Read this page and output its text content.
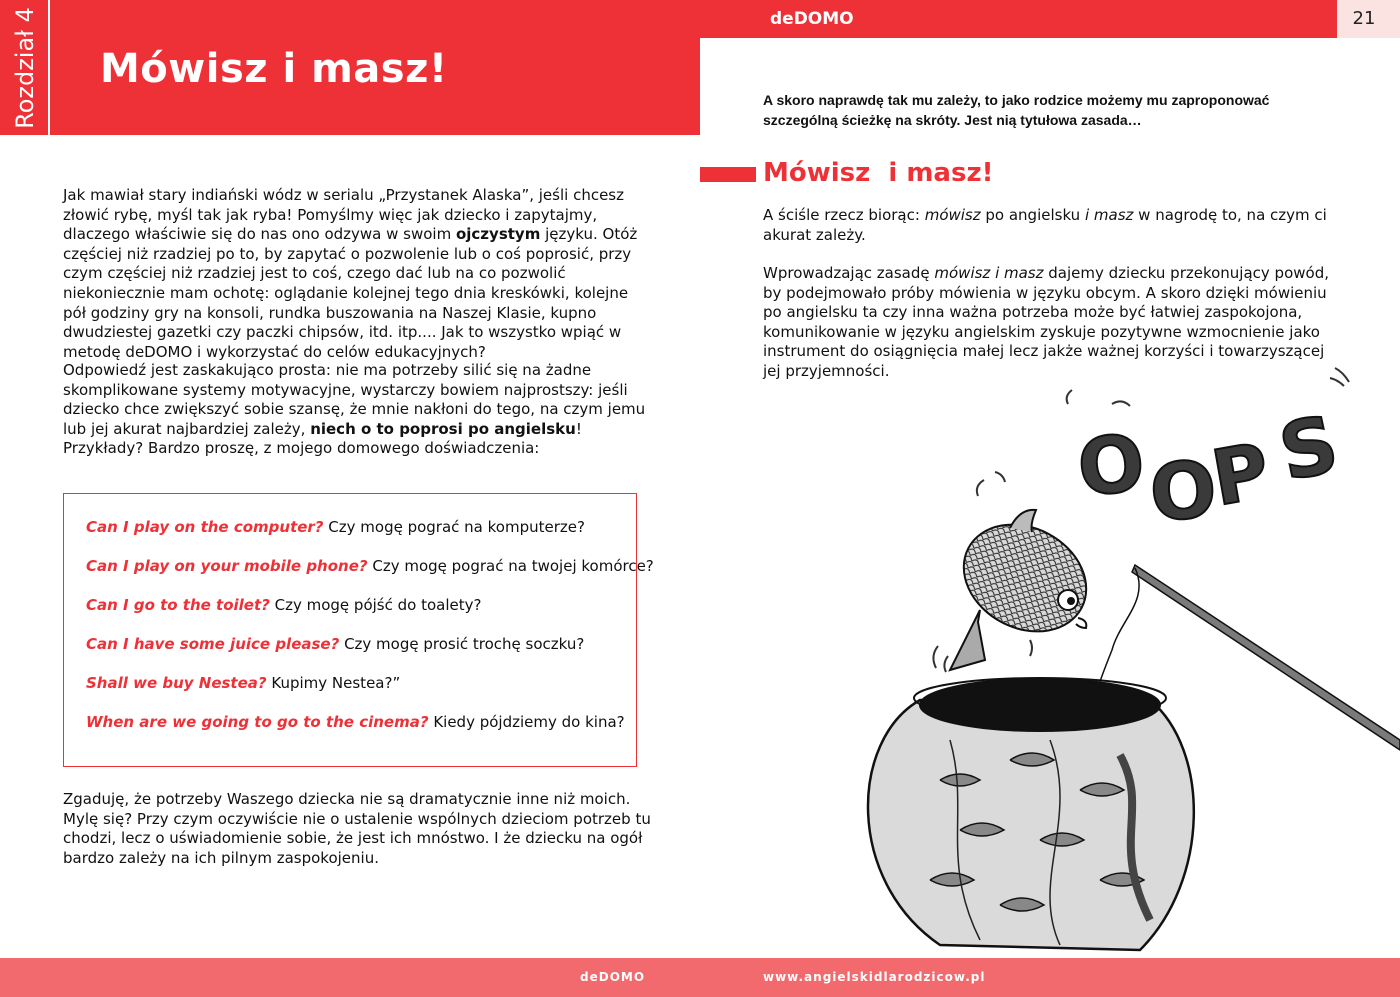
Rozdział 4 Mówisz i masz!
deDOMO	21
A skoro naprawdę tak mu zależy, to jako rodzice możemy mu zaproponować
szczególną ścieżkę na skróty. Jest nią tytułowa zasada…

Jak mawiał stary indiański wódz w serialu „Przystanek Alaska”, jeśli chcesz złowić rybę, myśl tak jak ryba! Pomyślmy więc jak dziecko i zapytajmy, dlaczego właściwie się do nas ono odzywa w swoim ojczystym języku. Otóż częściej niż rzadziej po to, by zapytać o pozwolenie lub o coś poprosić, przy czym częściej niż rzadziej jest to coś, czego dać lub na co pozwolić niekoniecznie mam ochotę: oglądanie kolejnej tego dnia kreskówki, kolejne pół godziny gry na konsoli, rundka buszowania na Naszej Klasie, kupno dwudziestej gazetki czy paczki chipsów, itd. itp.... Jak to wszystko wpiąć w metodę deDOMO i wykorzystać do celów edukacyjnych?

Odpowiedź jest zaskakująco prosta: nie ma potrzeby silić się na żadne skomplikowane systemy motywacyjne, wystarczy bowiem najprostszy: jeśli dziecko chce zwiększyć sobie szansę, że mnie nakłoni do tego, na czym jemu lub jej akurat najbardziej zależy, niech o to poprosi po angielsku! Przykłady? Bardzo proszę, z mojego domowego doświadczenia:

Can I play on the computer? Czy mogę pograć na komputerze?
Can I play on your mobile phone? Czy mogę pograć na twojej komórce?
Can I go to the toilet? Czy mogę pójść do toalety?
Can I have some juice please? Czy mogę prosić trochę soczku?
Shall we buy Nestea? Kupimy Nestea?”
When are we going to go to the cinema? Kiedy pójdziemy do kina?

Zgaduję, że potrzeby Waszego dziecka nie są dramatycznie inne niż moich.
Mylę się? Przy czym oczywiście nie o ustalenie wspólnych dzieciom potrzeb tu chodzi, lecz o uświadomienie sobie, że jest ich mnóstwo. I że dziecku na ogół bardzo zależy na ich pilnym zaspokojeniu.

Mówisz  i masz!

A ściśle rzecz biorąc: mówisz po angielsku i masz w nagrodę to, na czym ci akurat zależy.

Wprowadzając zasadę mówisz i masz dajemy dziecku przekonujący powód, by podejmowało próby mówienia w języku obcym. A skoro dzięki mówieniu po angielsku ta czy inna ważna potrzeba może być łatwiej zaspokojona, komunikowanie w języku angielskim zyskuje pozytywne wzmocnienie jako instrument do osiągnięcia małej lecz jakże ważnej korzyści i towarzyszącej jej przyjemności.

O
O
P
S
deDOMO	www.angielskidlarodzicow.pl
